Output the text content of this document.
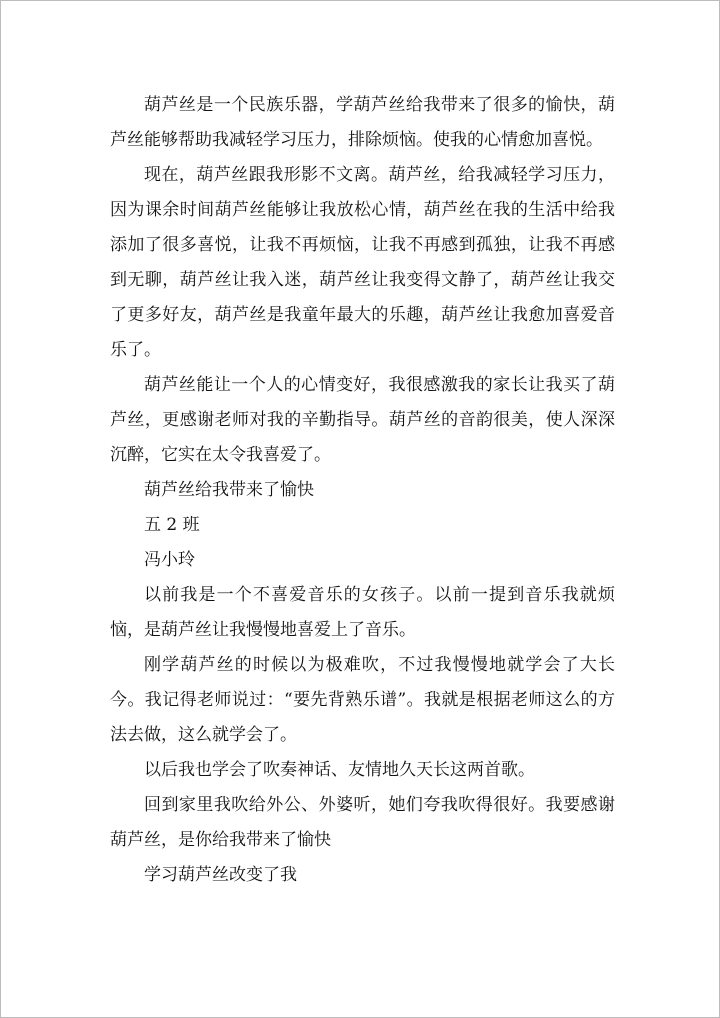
葫芦丝是一个民族乐器，学葫芦丝给我带来了很多的愉快，葫芦丝能够帮助我减轻学习压力，排除烦恼。使我的心情愈加喜悦。

现在，葫芦丝跟我形影不文离。葫芦丝，给我减轻学习压力，因为课余时间葫芦丝能够让我放松心情，葫芦丝在我的生活中给我添加了很多喜悦，让我不再烦恼，让我不再感到孤独，让我不再感到无聊，葫芦丝让我入迷，葫芦丝让我变得文静了，葫芦丝让我交了更多好友，葫芦丝是我童年最大的乐趣，葫芦丝让我愈加喜爱音乐了。

葫芦丝能让一个人的心情变好，我很感激我的家长让我买了葫芦丝，更感谢老师对我的辛勤指导。葫芦丝的音韵很美，使人深深沉醉，它实在太令我喜爱了。

葫芦丝给我带来了愉快

五 2 班

冯小玲

以前我是一个不喜爱音乐的女孩子。以前一提到音乐我就烦恼，是葫芦丝让我慢慢地喜爱上了音乐。

刚学葫芦丝的时候以为极难吹，不过我慢慢地就学会了大长今。我记得老师说过：“要先背熟乐谱”。我就是根据老师这么的方法去做，这么就学会了。

以后我也学会了吹奏神话、友情地久天长这两首歌。

回到家里我吹给外公、外婆听，她们夸我吹得很好。我要感谢葫芦丝，是你给我带来了愉快

学习葫芦丝改变了我
